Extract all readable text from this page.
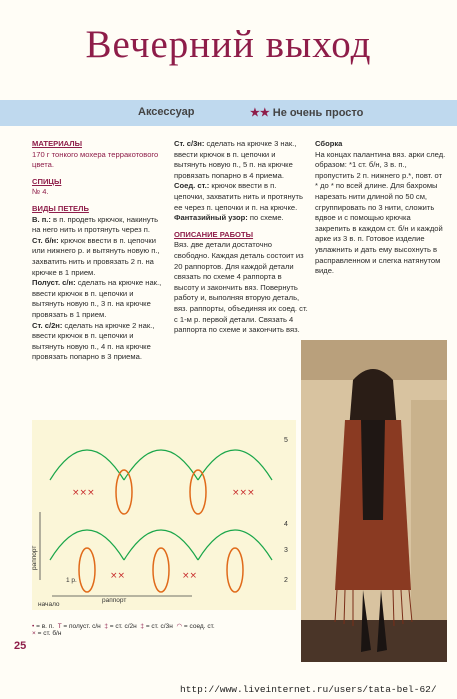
Вечерний выход
Аксессуар	★★ Не очень просто

МАТЕРИАЛЫ

170 г тонкого мохера терракотового цвета.

СПИЦЫ

№ 4.

ВИДЫ ПЕТЕЛЬ

В. п.: в п. продеть крючок, накинуть на него нить и протянуть через п.

Ст. б/н: крючок ввести в п. цепочки или нижнего р. и вытянуть новую п., захватить нить и провязать 2 п. на крючке в 1 прием.

Полуст. с/н: сделать на крючке нак., ввести крючок в п. цепочки и вытянуть новую п., 3 п. на крючке провязать в 1 прием.

Ст. с/2н: сделать на крючке 2 нак., ввести крючок в п. цепочки и вытянуть новую п., 4 п. на крючке провязать попарно в 3 приема.

Ст. с/3н: сделать на крючке 3 нак., ввести крючок в п. цепочки и вытянуть новую п., 5 п. на крючке провязать попарно в 4 приема.

Соед. ст.: крючок ввести в п. цепочки, захватить нить и протянуть ее через п. цепочки и п. на крючке.

Фантазийный узор: по схеме.

ОПИСАНИЕ РАБОТЫ

Вяз. две детали достаточно свободно. Каждая деталь состоит из 20 раппортов. Для каждой детали связать по схеме 4 раппорта в высоту и закончить вяз. Повернуть работу и, выполняя вторую деталь, вяз. раппорты, объединяя их соед. ст. с 1-м р. первой детали. Связать 4 раппорта по схеме и закончить вяз.

Сборка

На концах палантина вяз. арки след. образом: *1 ст. б/н, 3 в. п., пропустить 2 п. нижнего р.*, повт. от * до * по всей длине. Для бахромы нарезать нити длиной по 50 см, сгруппировать по 3 нити, сложить вдвое и с помощью крючка закрепить в каждом ст. б/н и каждой арке из 3 в. п. Готовое изделие увлажнить и дать ему высохнуть в расправленном и слегка натянутом виде.

×××	×××
××	××
раппорт
раппорт
начало
1 р.
5
4
3
2
• = в. п. T = полуст. с/н ‡ = ст. с/2н ‡ = ст. с/3н ◠ = соед. ст.
× = ст. б/н
25
http://www.liveinternet.ru/users/tata-bel-62/
